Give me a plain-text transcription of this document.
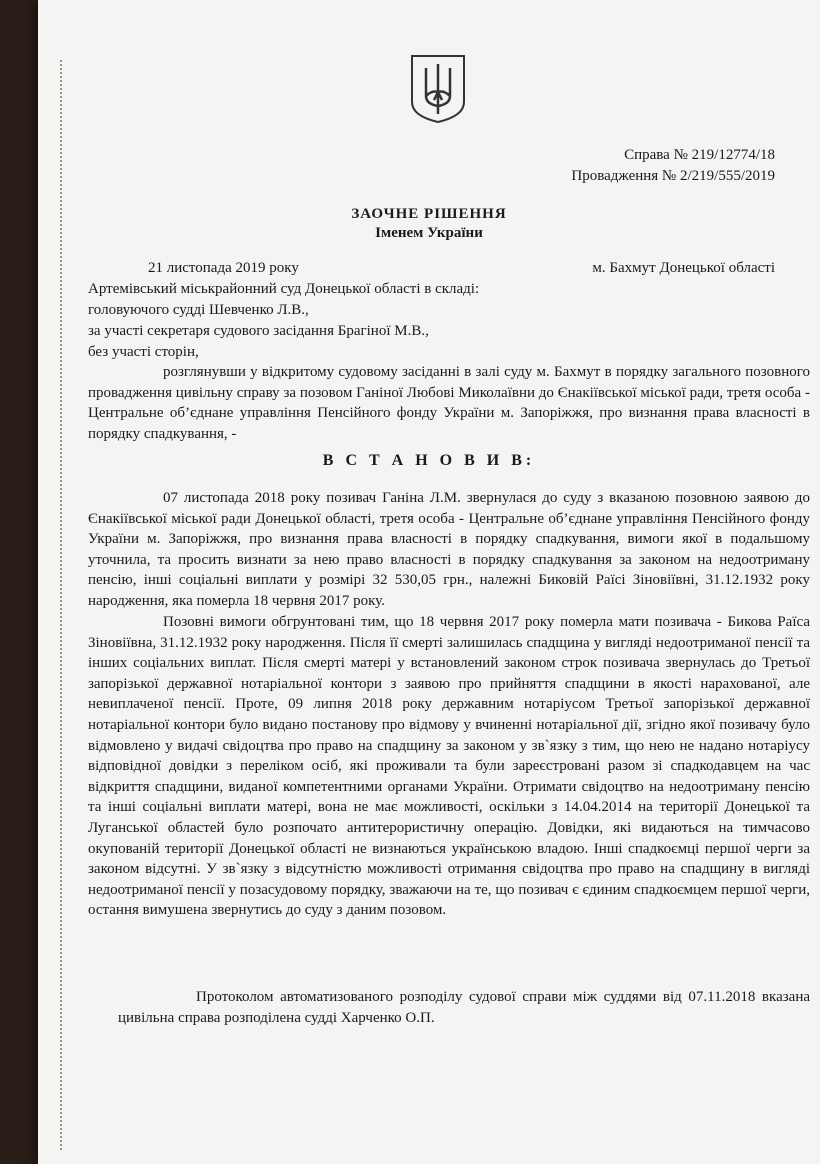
Справа № 219/12774/18
Провадження № 2/219/555/2019
ЗАОЧНЕ РІШЕННЯ
Іменем України
21 листопада 2019 року	м. Бахмут Донецької області
Артемівський міськрайонний суд Донецької області в складі:
головуючого судді Шевченко Л.В.,
за участі секретаря судового засідання Брагіної М.В.,
без участі сторін,
розглянувши у відкритому судовому засіданні в залі суду м. Бахмут в порядку загального позовного провадження цивільну справу за позовом Ганіної Любові Миколаївни до Єнакіївської міської ради, третя особа - Центральне об’єднане управління Пенсійного фонду України м. Запоріжжя, про визнання права власності в порядку спадкування, -
В С Т А Н О В И В:
07 листопада 2018 року позивач Ганіна Л.М. звернулася до суду з вказаною позовною заявою до Єнакіївської міської ради Донецької області, третя особа - Центральне об’єднане управління Пенсійного фонду України м. Запоріжжя, про визнання права власності в порядку спадкування, вимоги якої в подальшому уточнила, та просить визнати за нею право власності в порядку спадкування за законом на недоотриману пенсію, інші соціальні виплати у розмірі 32 530,05 грн., належні Биковій Раїсі Зіновіївні, 31.12.1932 року народження, яка померла 18 червня 2017 року.
Позовні вимоги обгрунтовані тим, що 18 червня 2017 року померла мати позивача - Бикова Раїса Зіновіївна, 31.12.1932 року народження. Після її смерті залишилась спадщина у вигляді недоотриманої пенсії та інших соціальних виплат. Після смерті матері у встановлений законом строк позивача звернулась до Третьої запорізької державної нотаріальної контори з заявою про прийняття спадщини в якості нарахованої, але невиплаченої пенсії. Проте, 09 липня 2018 року державним нотаріусом Третьої запорізької державної нотаріальної контори було видано постанову про відмову у вчиненні нотаріальної дії, згідно якої позивачу було відмовлено у видачі свідоцтва про право на спадщину за законом у зв`язку з тим, що нею не надано нотаріусу відповідної довідки з переліком осіб, які проживали та були зареєстровані разом зі спадкодавцем на час відкриття спадщини, виданої компетентними органами України. Отримати свідоцтво на недоотриману пенсію та інші соціальні виплати матері, вона не має можливості, оскільки з 14.04.2014 на території Донецької та Луганської областей було розпочато антитерористичну операцію. Довідки, які видаються на тимчасово окупованій території Донецької області не визнаються українською владою. Інші спадкоємці першої черги за законом відсутні. У зв`язку з відсутністю можливості отримання свідоцтва про право на спадщину в вигляді недоотриманої пенсії у позасудовому порядку, зважаючи на те, що позивач є єдиним спадкоємцем першої черги, остання вимушена звернутись до суду з даним позовом.
Протоколом автоматизованого розподілу судової справи між суддями від 07.11.2018 вказана цивільна справа розподілена судді Харченко О.П.
